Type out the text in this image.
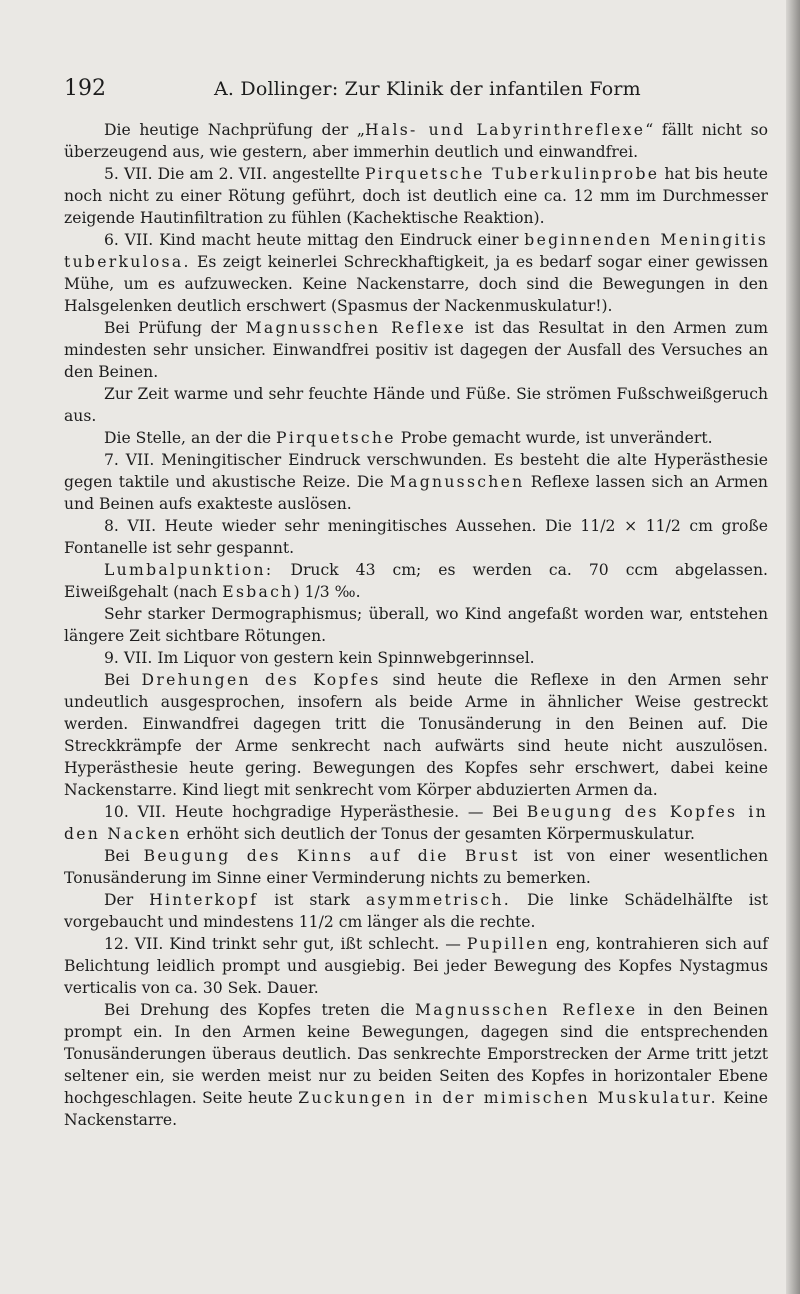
192	A. Dollinger: Zur Klinik der infantilen Form

Die heutige Nachprüfung der „Hals- und Labyrinthreflexe“ fällt nicht so überzeugend aus, wie gestern, aber immerhin deutlich und einwandfrei.

5. VII. Die am 2. VII. angestellte Pirquetsche Tuberkulinprobe hat bis heute noch nicht zu einer Rötung geführt, doch ist deutlich eine ca. 12 mm im Durchmesser zeigende Hautinfiltration zu fühlen (Kachektische Reaktion).

6. VII. Kind macht heute mittag den Eindruck einer beginnenden Meningitis tuberkulosa. Es zeigt keinerlei Schreckhaftigkeit, ja es bedarf sogar einer gewissen Mühe, um es aufzuwecken. Keine Nackenstarre, doch sind die Bewegungen in den Halsgelenken deutlich erschwert (Spasmus der Nackenmuskulatur!).

Bei Prüfung der Magnusschen Reflexe ist das Resultat in den Armen zum mindesten sehr unsicher. Einwandfrei positiv ist dagegen der Ausfall des Versuches an den Beinen.

Zur Zeit warme und sehr feuchte Hände und Füße. Sie strömen Fußschweißgeruch aus.

Die Stelle, an der die Pirquetsche Probe gemacht wurde, ist unverändert.

7. VII. Meningitischer Eindruck verschwunden. Es besteht die alte Hyperästhesie gegen taktile und akustische Reize. Die Magnusschen Reflexe lassen sich an Armen und Beinen aufs exakteste auslösen.

8. VII. Heute wieder sehr meningitisches Aussehen. Die 11/2 × 11/2 cm große Fontanelle ist sehr gespannt.

Lumbalpunktion: Druck 43 cm; es werden ca. 70 ccm abgelassen. Eiweißgehalt (nach Esbach) 1/3 ‰.

Sehr starker Dermographismus; überall, wo Kind angefaßt worden war, entstehen längere Zeit sichtbare Rötungen.

9. VII. Im Liquor von gestern kein Spinnwebgerinnsel.

Bei Drehungen des Kopfes sind heute die Reflexe in den Armen sehr undeutlich ausgesprochen, insofern als beide Arme in ähnlicher Weise gestreckt werden. Einwandfrei dagegen tritt die Tonusänderung in den Beinen auf. Die Streckkrämpfe der Arme senkrecht nach aufwärts sind heute nicht auszulösen. Hyperästhesie heute gering. Bewegungen des Kopfes sehr erschwert, dabei keine Nackenstarre. Kind liegt mit senkrecht vom Körper abduzierten Armen da.

10. VII. Heute hochgradige Hyperästhesie. — Bei Beugung des Kopfes in den Nacken erhöht sich deutlich der Tonus der gesamten Körpermuskulatur.

Bei Beugung des Kinns auf die Brust ist von einer wesentlichen Tonusänderung im Sinne einer Verminderung nichts zu bemerken.

Der Hinterkopf ist stark asymmetrisch. Die linke Schädelhälfte ist vorgebaucht und mindestens 11/2 cm länger als die rechte.

12. VII. Kind trinkt sehr gut, ißt schlecht. — Pupillen eng, kontrahieren sich auf Belichtung leidlich prompt und ausgiebig. Bei jeder Bewegung des Kopfes Nystagmus verticalis von ca. 30 Sek. Dauer.

Bei Drehung des Kopfes treten die Magnusschen Reflexe in den Beinen prompt ein. In den Armen keine Bewegungen, dagegen sind die entsprechenden Tonusänderungen überaus deutlich. Das senkrechte Emporstrecken der Arme tritt jetzt seltener ein, sie werden meist nur zu beiden Seiten des Kopfes in horizontaler Ebene hochgeschlagen. Seite heute Zuckungen in der mimischen Muskulatur. Keine Nackenstarre.
